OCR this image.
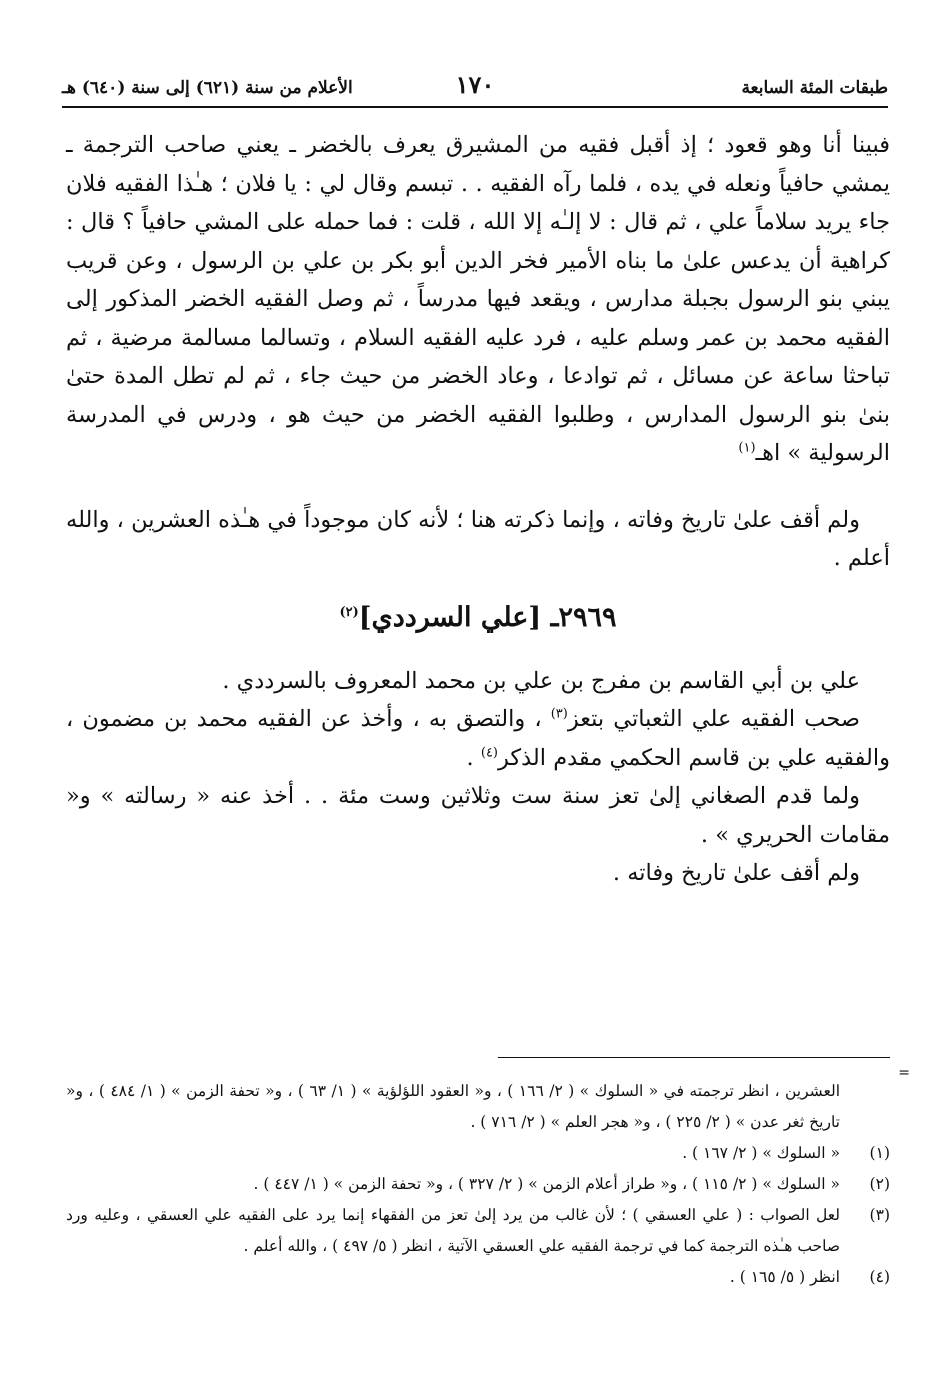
طبقات المئة السابعة
١٧٠
الأعلام من سنة (٦٢١) إلى سنة (٦٤٠) هـ

فبينا أنا وهو قعود ؛ إذ أقبل فقيه من المشيرق يعرف بالخضر ـ يعني صاحب الترجمة ـ يمشي حافياً ونعله في يده ، فلما رآه الفقيه . . تبسم وقال لي : يا فلان ؛ هـٰذا الفقيه فلان جاء يريد سلاماً علي ، ثم قال : لا إلـٰه إلا الله ، قلت : فما حمله على المشي حافياً ؟ قال : كراهية أن يدعس علىٰ ما بناه الأمير فخر الدين أبو بكر بن علي بن الرسول ، وعن قريب يبني بنو الرسول بجبلة مدارس ، ويقعد فيها مدرساً ، ثم وصل الفقيه الخضر المذكور إلى الفقيه محمد بن عمر وسلم عليه ، فرد عليه الفقيه السلام ، وتسالما مسالمة مرضية ، ثم تباحثا ساعة عن مسائل ، ثم توادعا ، وعاد الخضر من حيث جاء ، ثم لم تطل المدة حتىٰ بنىٰ بنو الرسول المدارس ، وطلبوا الفقيه الخضر من حيث هو ، ودرس في المدرسة الرسولية » اهـ$^{(١)}$

ولم أقف علىٰ تاريخ وفاته ، وإنما ذكرته هنا ؛ لأنه كان موجوداً في هـٰذه العشرين ، والله أعلم .

٢٩٦٩ـ [علي السرددي]$^{(٢)}$

علي بن أبي القاسم بن مفرج بن علي بن محمد المعروف بالسرددي .

صحب الفقيه علي الثعباتي بتعز$^{(٣)}$ ، والتصق به ، وأخذ عن الفقيه محمد بن مضمون ، والفقيه علي بن قاسم الحكمي مقدم الذكر$^{(٤)}$ .

ولما قدم الصغاني إلىٰ تعز سنة ست وثلاثين وست مئة . . أخذ عنه « رسالته » و« مقامات الحريري » .

ولم أقف علىٰ تاريخ وفاته .

=
العشرين ، انظر ترجمته في « السلوك » ( ٢/ ١٦٦ ) ، و« العقود اللؤلؤية » ( ١/ ٦٣ ) ، و« تحفة الزمن » ( ١/ ٤٨٤ ) ، و« تاريخ ثغر عدن » ( ٢/ ٢٢٥ ) ، و« هجر العلم » ( ٢/ ٧١٦ ) .
(١)
« السلوك » ( ٢/ ١٦٧ ) .
(٢)
« السلوك » ( ٢/ ١١٥ ) ، و« طراز أعلام الزمن » ( ٢/ ٣٢٧ ) ، و« تحفة الزمن » ( ١/ ٤٤٧ ) .
(٣)
لعل الصواب : ( علي العسقي ) ؛ لأن غالب من يرد إلىٰ تعز من الفقهاء إنما يرد على الفقيه علي العسقي ، وعليه ورد صاحب هـٰذه الترجمة كما في ترجمة الفقيه علي العسقي الآتية ، انظر ( ٥/ ٤٩٧ ) ، والله أعلم .
(٤)
انظر ( ٥/ ١٦٥ ) .
